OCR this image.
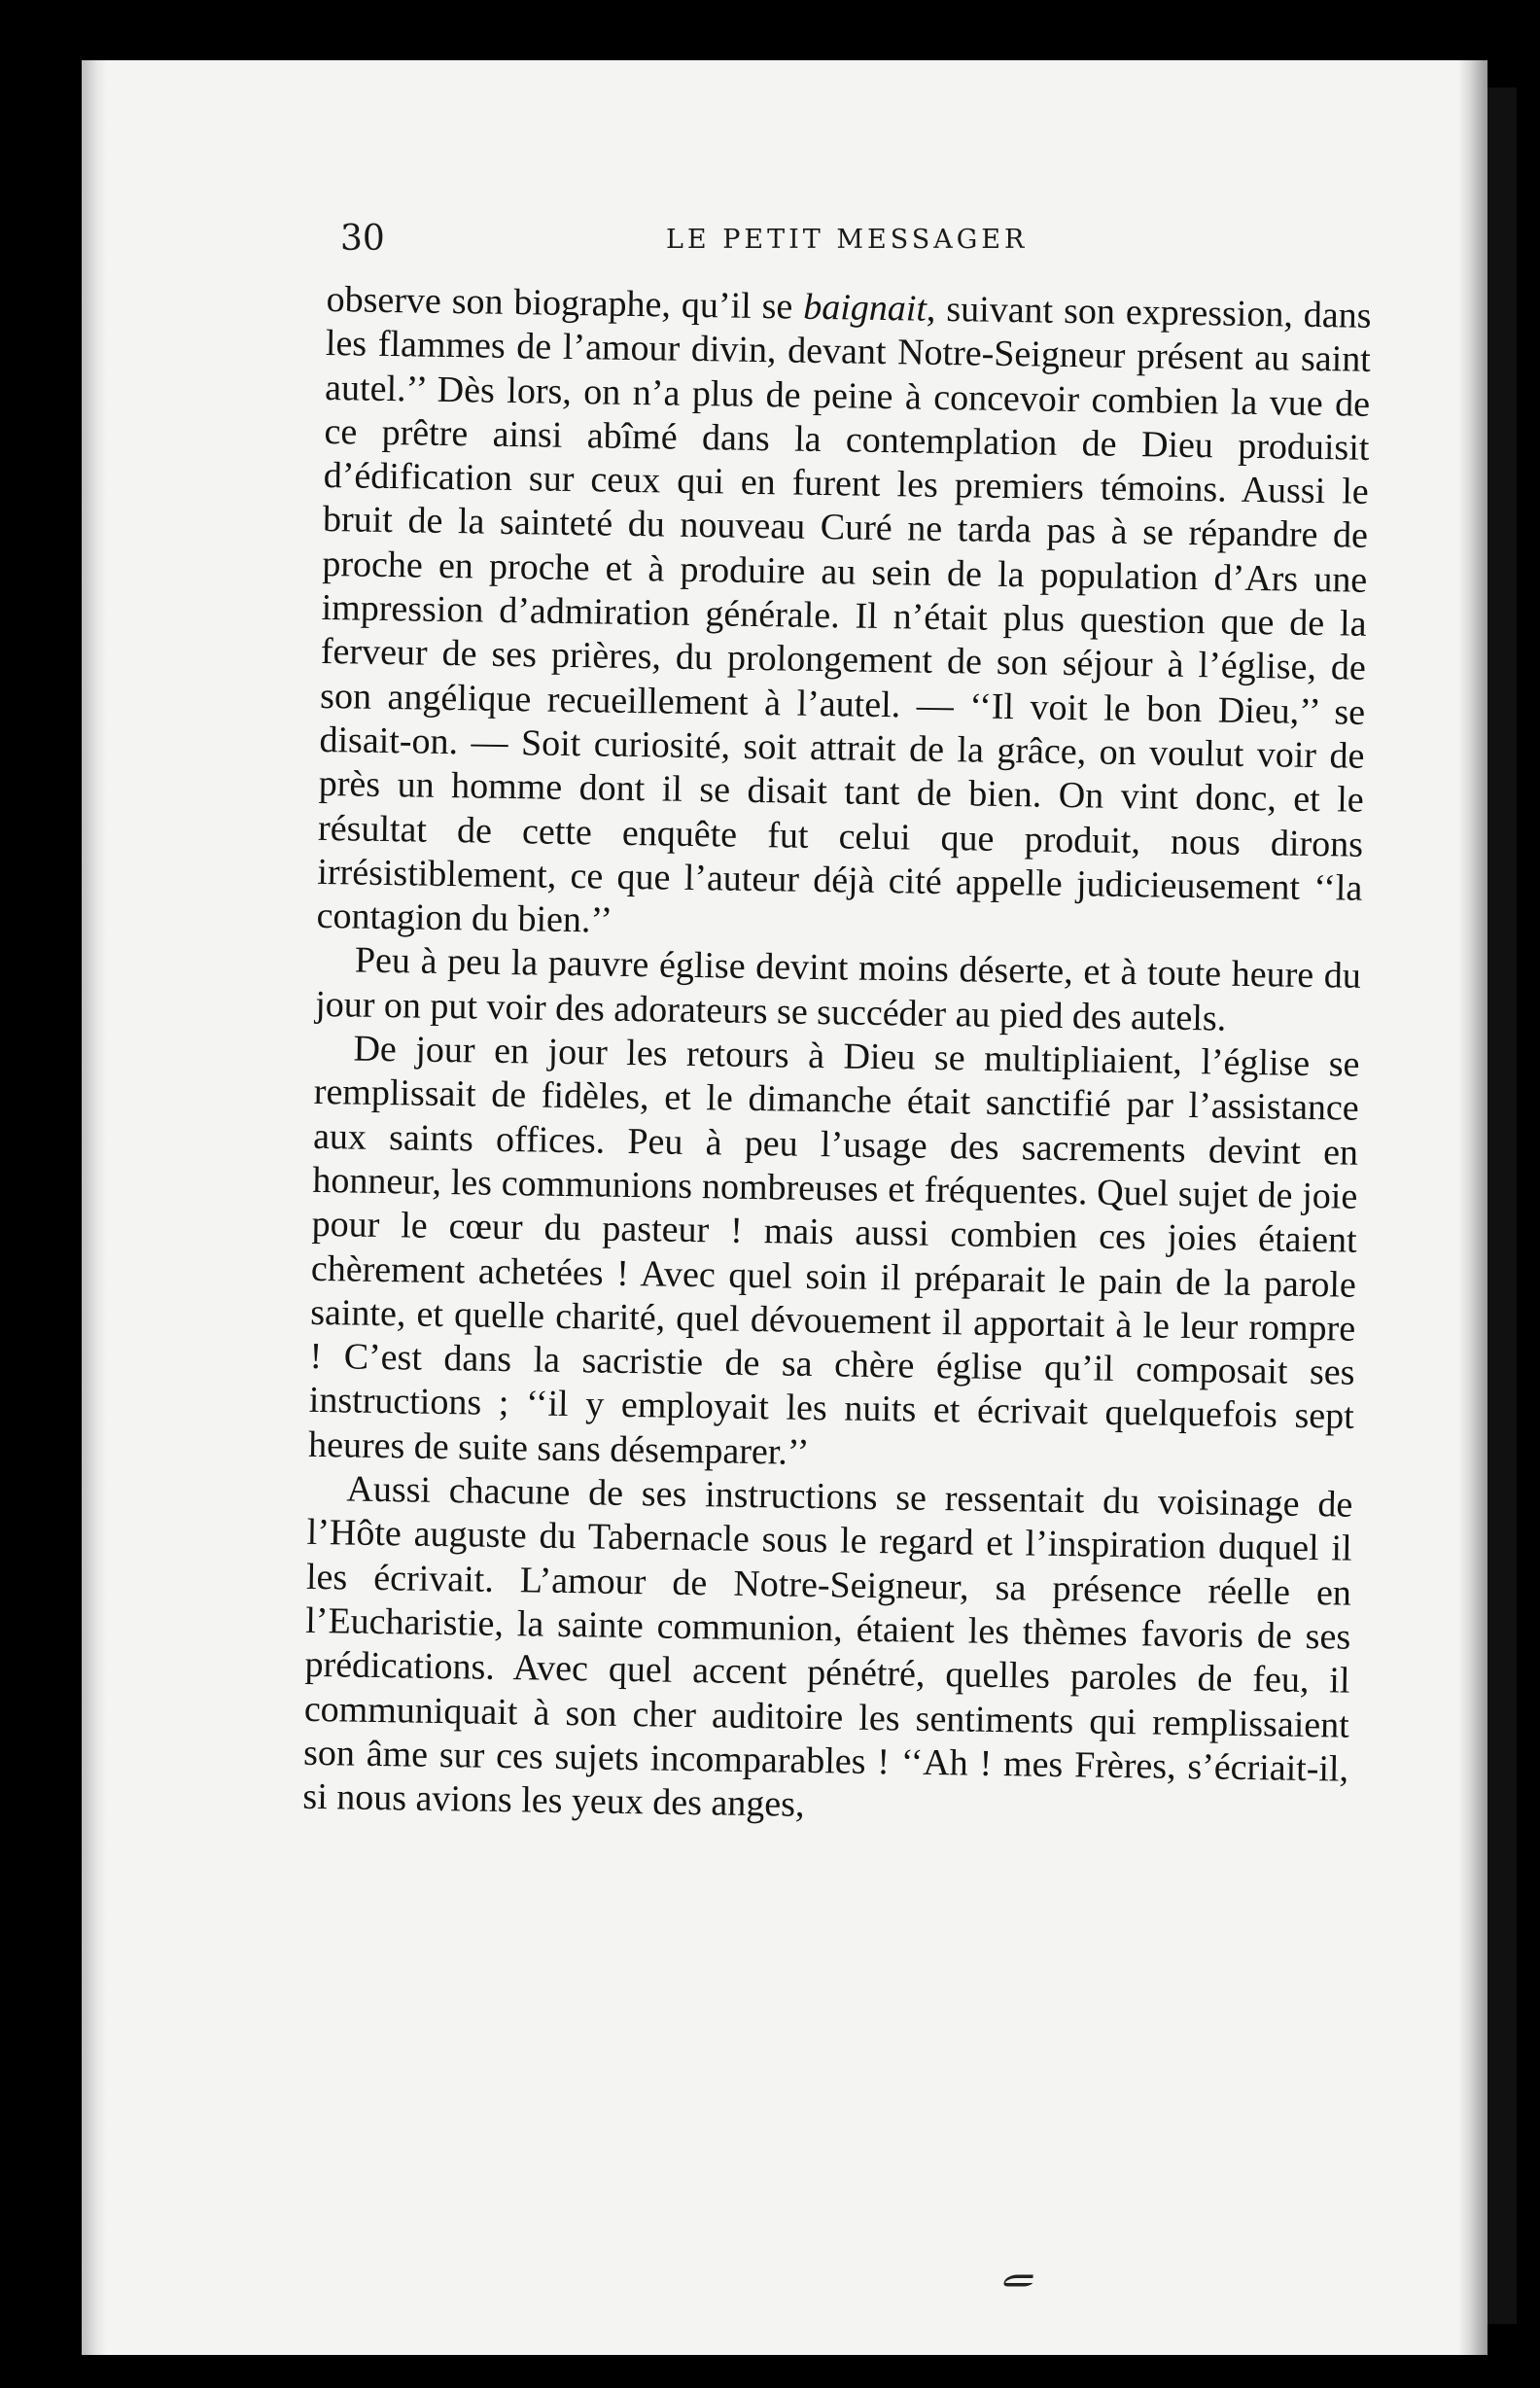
30	LE PETIT MESSAGER

observe son biographe, qu’il se baignait, suivant son expression, dans les flammes de l’amour divin, devant Notre-Seigneur présent au saint autel.’’ Dès lors, on n’a plus de peine à concevoir combien la vue de ce prêtre ainsi abîmé dans la contemplation de Dieu produisit d’édification sur ceux qui en furent les premiers témoins. Aussi le bruit de la sainteté du nouveau Curé ne tarda pas à se répandre de proche en proche et à produire au sein de la population d’Ars une impression d’admiration générale. Il n’était plus question que de la ferveur de ses prières, du prolongement de son séjour à l’église, de son angélique recueillement à l’autel. — ‘‘Il voit le bon Dieu,’’ se disait-on. — Soit curiosité, soit attrait de la grâce, on voulut voir de près un homme dont il se disait tant de bien. On vint donc, et le résultat de cette enquête fut celui que produit, nous dirons irrésistiblement, ce que l’auteur déjà cité appelle judicieusement ‘‘la contagion du bien.’’

Peu à peu la pauvre église devint moins déserte, et à toute heure du jour on put voir des adorateurs se succéder au pied des autels.

De jour en jour les retours à Dieu se multipliaient, l’église se remplissait de fidèles, et le dimanche était sanctifié par l’assistance aux saints offices. Peu à peu l’usage des sacrements devint en honneur, les communions nombreuses et fréquentes. Quel sujet de joie pour le cœur du pasteur ! mais aussi combien ces joies étaient chèrement achetées ! Avec quel soin il préparait le pain de la parole sainte, et quelle charité, quel dévouement il apportait à le leur rompre ! C’est dans la sacristie de sa chère église qu’il composait ses instructions ; ‘‘il y employait les nuits et écrivait quelquefois sept heures de suite sans désemparer.’’

Aussi chacune de ses instructions se ressentait du voisinage de l’Hôte auguste du Tabernacle sous le regard et l’inspiration duquel il les écrivait. L’amour de Notre-Seigneur, sa présence réelle en l’Eucharistie, la sainte communion, étaient les thèmes favoris de ses prédications. Avec quel accent pénétré, quelles paroles de feu, il communiquait à son cher auditoire les sentiments qui remplissaient son âme sur ces sujets incomparables ! ‘‘Ah ! mes Frères, s’écriait-il, si nous avions les yeux des anges,

ﮯ
